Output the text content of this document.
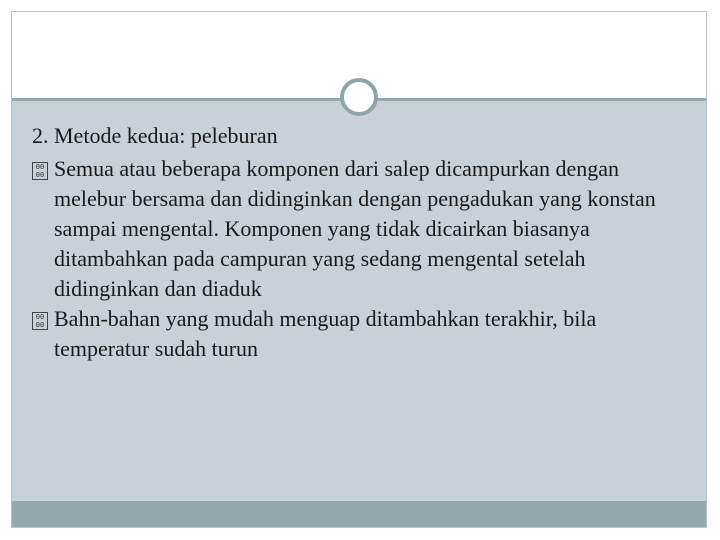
2. Metode kedua: peleburan
00
00 Semua atau beberapa komponen dari salep dicampurkan dengan melebur bersama dan didinginkan dengan pengadukan yang konstan sampai mengental. Komponen yang tidak dicairkan biasanya ditambahkan pada campuran yang sedang mengental setelah didinginkan dan diaduk
00
00 Bahn-bahan yang mudah menguap ditambahkan terakhir, bila temperatur sudah turun
